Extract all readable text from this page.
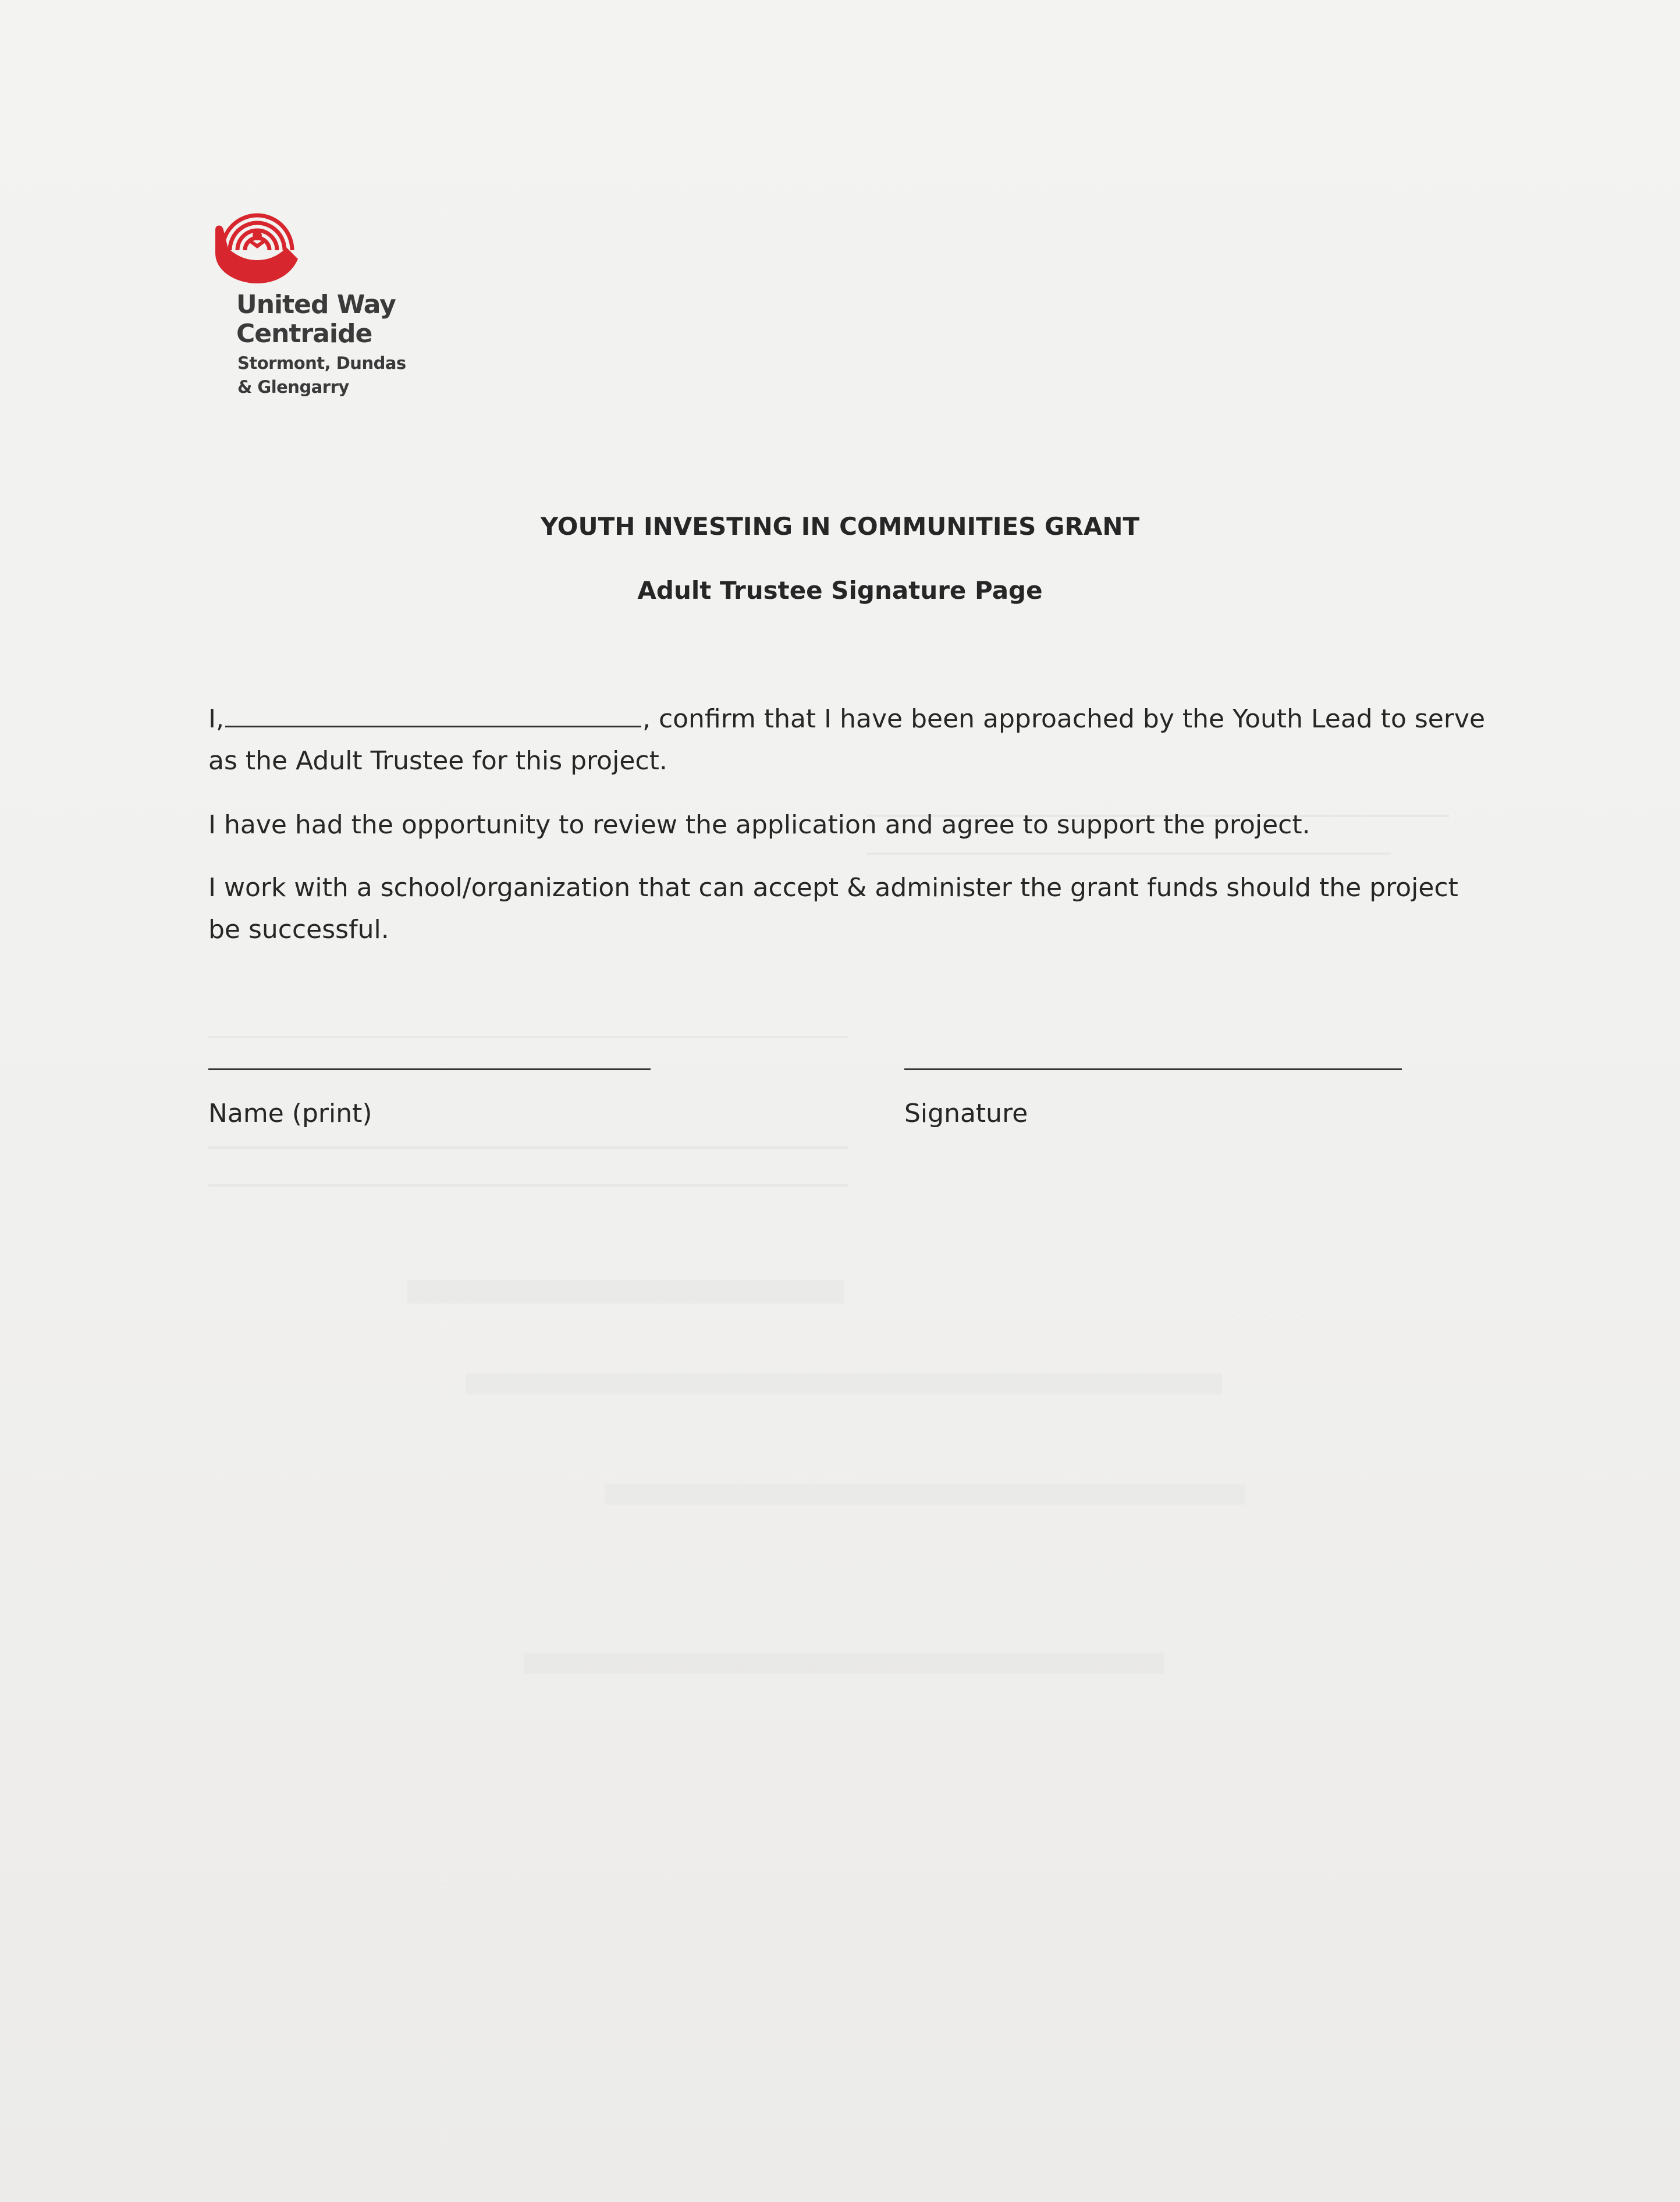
United Way
Centraide
Stormont, Dundas
& Glengarry
YOUTH INVESTING IN COMMUNITIES GRANT
Adult Trustee Signature Page
I,	, confirm that I have been approached by the Youth Lead to serve as the Adult Trustee for this project.
I have had the opportunity to review the application and agree to support the project.
I work with a school/organization that can accept & administer the grant funds should the project be successful.
Name (print)	Signature
